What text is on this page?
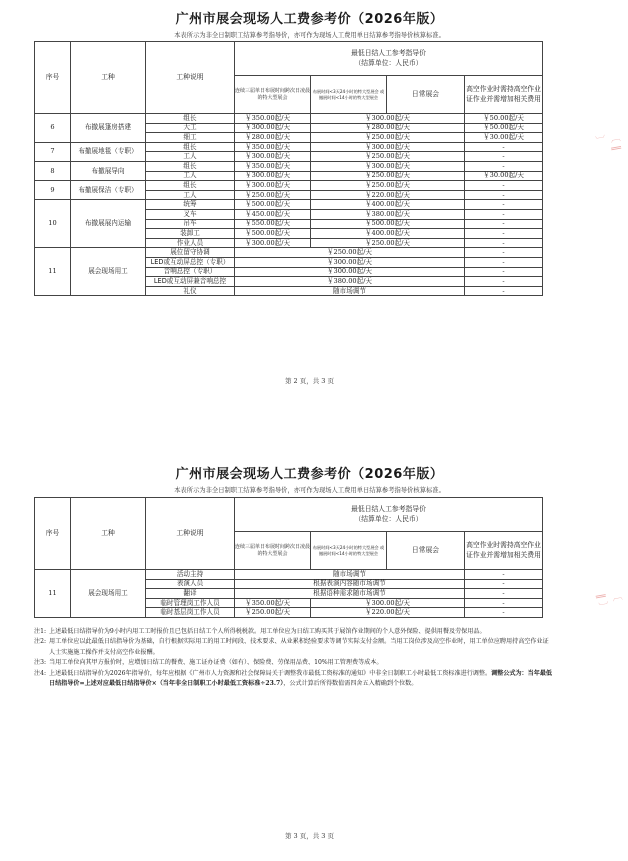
广州市展会现场人工费参考价（2026年版）
本表所示为非全日制职工结算参考指导价，亦可作为现场人工费用单日结算参考指导价核算标准。
序号	工种	工种说明	最低日结人工参考指导价
（结算单位：人民币）			
			连续三届单日布展时间跨次日凌晨的特大型展会	布展时间<3天24小时的特大型展会 或 撤展时间<14小时的特大型展会	日常展会	高空作业时需持高空作业证作业并需增加相关费用
6	布撤展篷房搭建	组长	￥350.00起/天	￥300.00起/天		￥50.00起/天
		大工	￥300.00起/天	￥280.00起/天		￥50.00起/天
		细工	￥280.00起/天	￥250.00起/天		￥30.00起/天
7	布撤展地毯（专职）	组长	￥350.00起/天	￥300.00起/天		-
		工人	￥300.00起/天	￥250.00起/天		-
8	布撤展导向	组长	￥350.00起/天	￥300.00起/天		-
		工人	￥300.00起/天	￥250.00起/天		￥30.00起/天
9	布撤展保洁（专职）	组长	￥300.00起/天	￥250.00起/天		-
		工人	￥250.00起/天	￥220.00起/天		-
10	布撤展展内运输	统筹	￥500.00起/天	￥400.00起/天		-
		叉车	￥450.00起/天	￥380.00起/天		-
		吊车	￥550.00起/天	￥500.00起/天		-
		装卸工	￥500.00起/天	￥400.00起/天		-
		作业人员	￥300.00起/天	￥250.00起/天		-
11	展会现场用工	展位留守协调	￥250.00起/天			-
		LED或互动屏总控（专职）	￥300.00起/天			-
		音响总控（专职）	￥300.00起/天			-
		LED或互动屏兼音响总控	￥380.00起/天			-
		礼仪	随市场调节			-
第 2 页，共 3 页
广州市展会现场人工费参考价（2026年版）
本表所示为非全日制职工结算参考指导价，亦可作为现场人工费用单日结算参考指导价核算标准。
序号	工种	工种说明	最低日结人工参考指导价
（结算单位：人民币）			
			连续三届单日布展时间跨次日凌晨的特大型展会	布展时间<3天24小时的特大型展会 或 撤展时间<14小时的特大型展会	日常展会	高空作业时需持高空作业证作业并需增加相关费用
11	展会现场用工	活动主持	随市场调节			-
		表演人员	根据表演内容随市场调节			-
		翻译	根据语种需求随市场调节			-
		临时管理岗工作人员	￥350.00起/天	￥300.00起/天		-
		临时基层岗工作人员	￥250.00起/天	￥220.00起/天		-
注1: 上述最低日结指导价为9小时内用工工时报价且已包括日结工个人所得税税款。用工单位应为日结工购买其于展馆作业期间的个人意外保险、提供用餐及劳保用品。
注2: 用工单位应以此最低日结指导价为基础，自行根据实际用工的用工时间段、技术要求、从业累积经验要求等调节实际支付金额。当用工岗位涉及高空作业时，用工单位应聘用持高空作业证人士实施施工操作并支付高空作业报酬。
注3: 当用工单位向其甲方报价时，应增加日结工的餐费、施工证办证费（如有）、保险费、劳保用品费、10%用工管理费等成本。
注4: 上述最低日结指导价为2026年指导价，每年应根据《广州市人力资源和社会保障局关于调整我市最低工资标准的通知》中非全日制职工小时最低工资标准进行调整。调整公式为：当年最低日结指导价=上述对应最低日结指导价×（当年非全日制职工小时最低工资标准÷23.7），公式计算后所得数值需四舍五入精确到个位数。
第 3 页，共 3 页
〔 ‖ 〕
〔 ‖ 〕
